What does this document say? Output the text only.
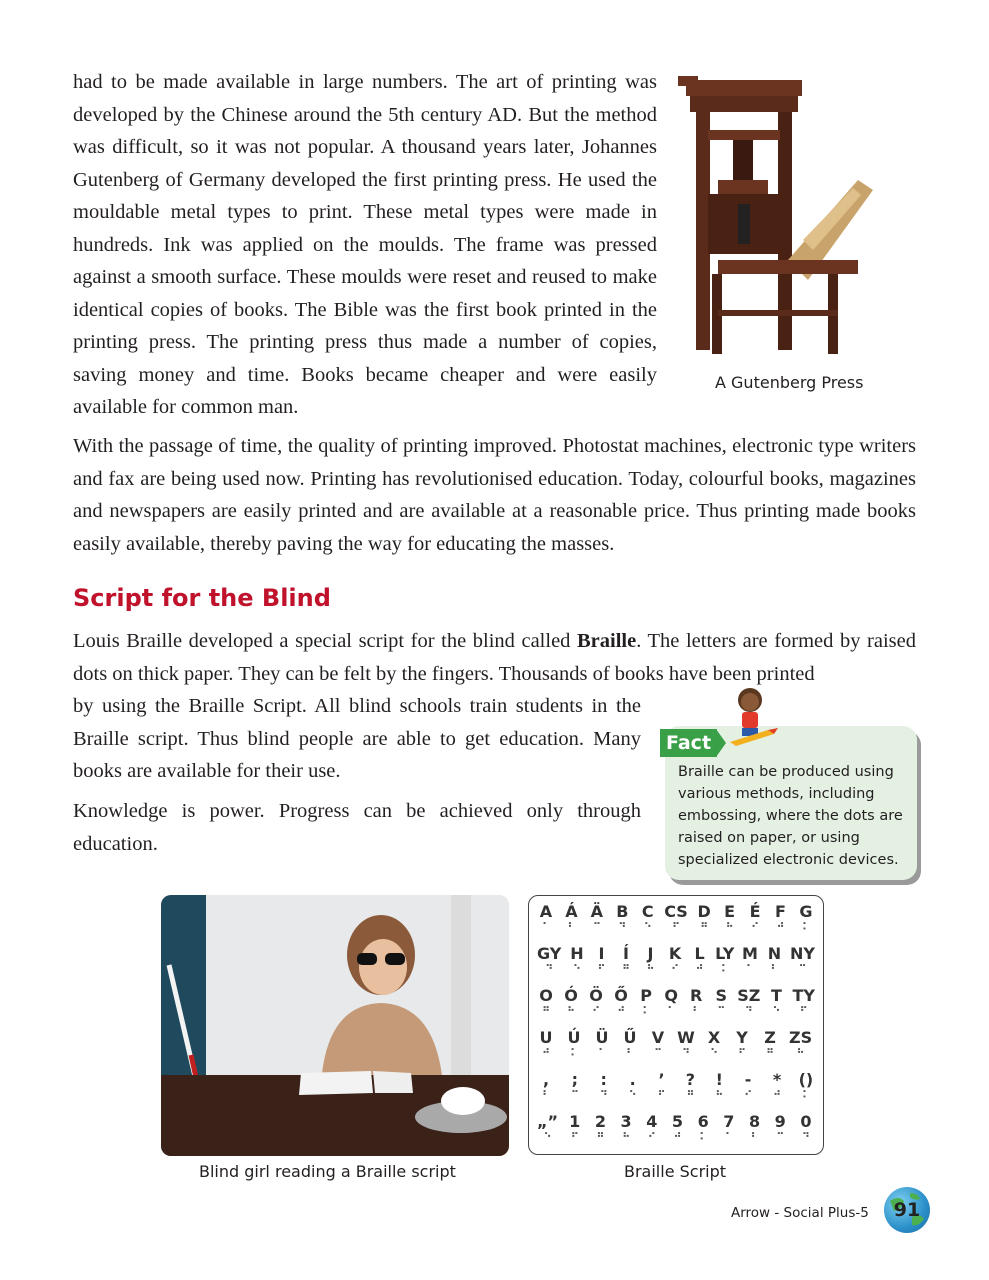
had to be made available in large numbers. The art of printing was developed by the Chinese around the 5th century AD. But the method was difficult, so it was not popular. A thousand years later, Johannes Gutenberg of Germany developed the first printing press. He used the mouldable metal types to print. These metal types were made in hundreds. Ink was applied on the moulds. The frame was pressed against a smooth surface. These moulds were reset and reused to make identical copies of books. The Bible was the first book printed in the printing press. The printing press thus made a number of copies, saving money and time. Books became cheaper and were easily available for common man.

A Gutenberg Press

With the passage of time, the quality of printing improved. Photostat machines, electronic type writers and fax are being used now. Printing has revolutionised education. Today, colourful books, magazines and newspapers are easily printed and are available at a reasonable price. Thus printing made books easily available, thereby paving the way for educating the masses.

Script for the Blind

Louis Braille developed a special script for the blind called Braille. The letters are formed by raised dots on thick paper. They can be felt by the fingers. Thousands of books have been printed

by using the Braille Script. All blind schools train students in the Braille script. Thus blind people are able to get education. Many books are available for their use.

Knowledge is power. Progress can be achieved only through education.

Fact
Braille can be produced using various methods, including embossing, where the dots are raised on paper, or using specialized electronic devices.
Blind girl reading a Braille script
A
⠁
Á
⠃
Ä
⠉
B
⠙
C
⠑
CS
⠋
D
⠛
E
⠓
É
⠊
F
⠚
G
⠅
GY
⠙
H
⠑
I
⠋
Í
⠛
J
⠓
K
⠊
L
⠚
LY
⠅
M
⠁
N
⠃
NY
⠉
O
⠛
Ó
⠓
Ö
⠊
Ő
⠚
P
⠅
Q
⠁
R
⠃
S
⠉
SZ
⠙
T
⠑
TY
⠋
U
⠚
Ú
⠅
Ü
⠁
Ű
⠃
V
⠉
W
⠙
X
⠑
Y
⠋
Z
⠛
ZS
⠓
,
⠃
;
⠉
:
⠙
.
⠑
’
⠋
?
⠛
!
⠓
-
⠊
*
⠚
()
⠅
„”
⠑
1
⠋
2
⠛
3
⠓
4
⠊
5
⠚
6
⠅
7
⠁
8
⠃
9
⠉
0
⠙
Braille Script
Arrow - Social Plus-5	91
